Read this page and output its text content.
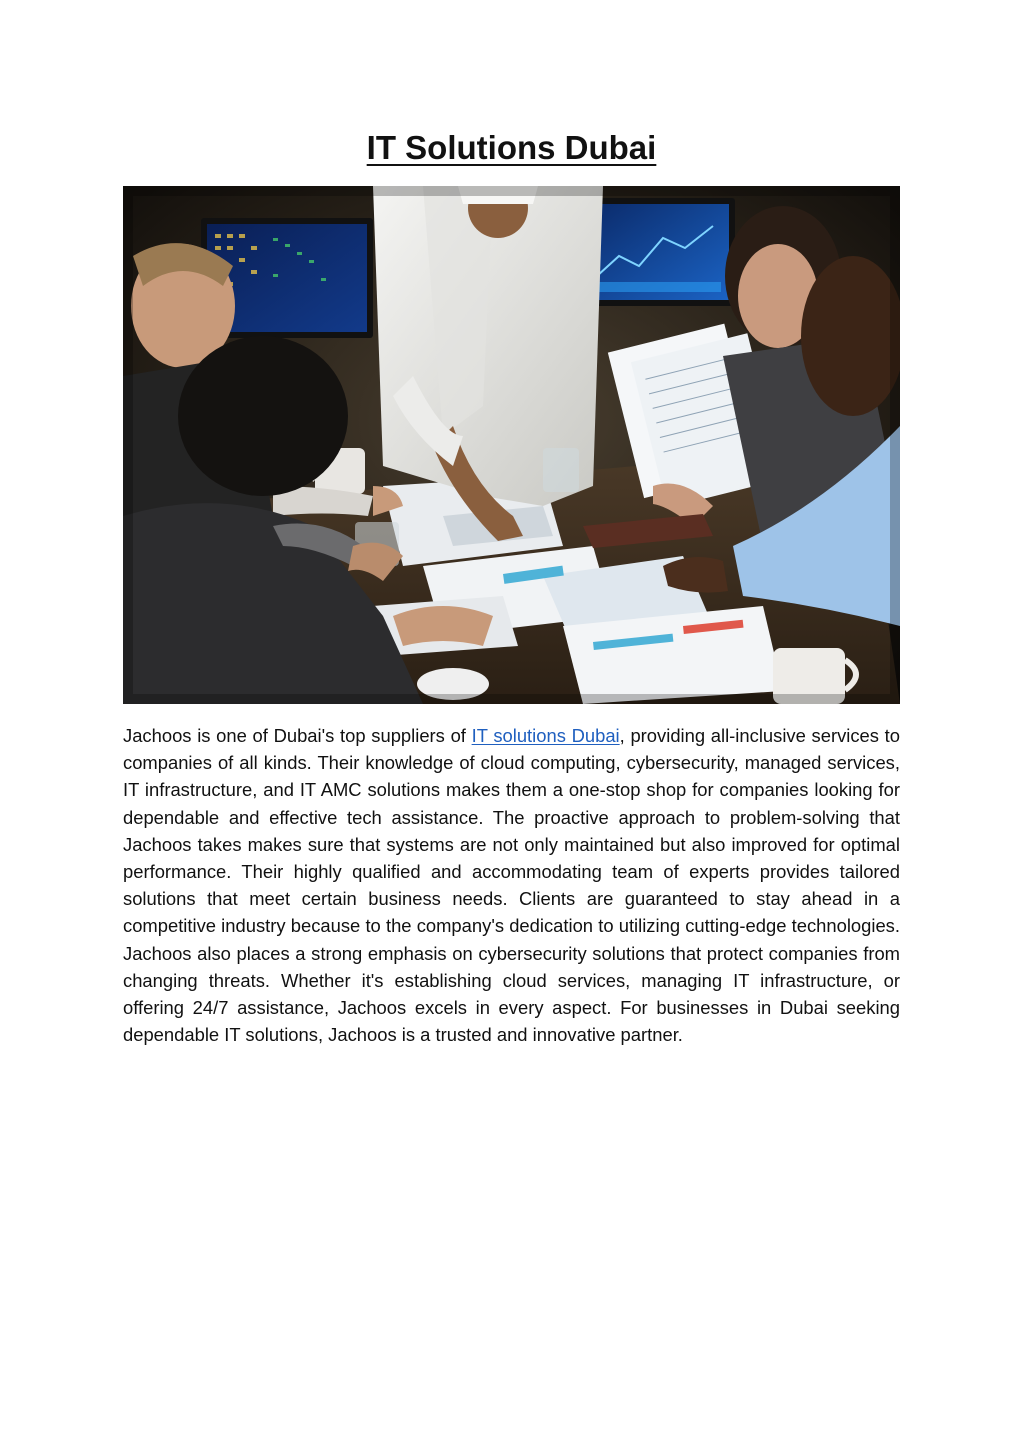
IT Solutions Dubai

Jachoos is one of Dubai's top suppliers of IT solutions Dubai, providing all-inclusive services to companies of all kinds. Their knowledge of cloud computing, cybersecurity, managed services, IT infrastructure, and IT AMC solutions makes them a one-stop shop for companies looking for dependable and effective tech assistance. The proactive approach to problem-solving that Jachoos takes makes sure that systems are not only maintained but also improved for optimal performance. Their highly qualified and accommodating team of experts provides tailored solutions that meet certain business needs. Clients are guaranteed to stay ahead in a competitive industry because to the company's dedication to utilizing cutting-edge technologies. Jachoos also places a strong emphasis on cybersecurity solutions that protect companies from changing threats. Whether it's establishing cloud services, managing IT infrastructure, or offering 24/7 assistance, Jachoos excels in every aspect. For businesses in Dubai seeking dependable IT solutions, Jachoos is a trusted and innovative partner.
